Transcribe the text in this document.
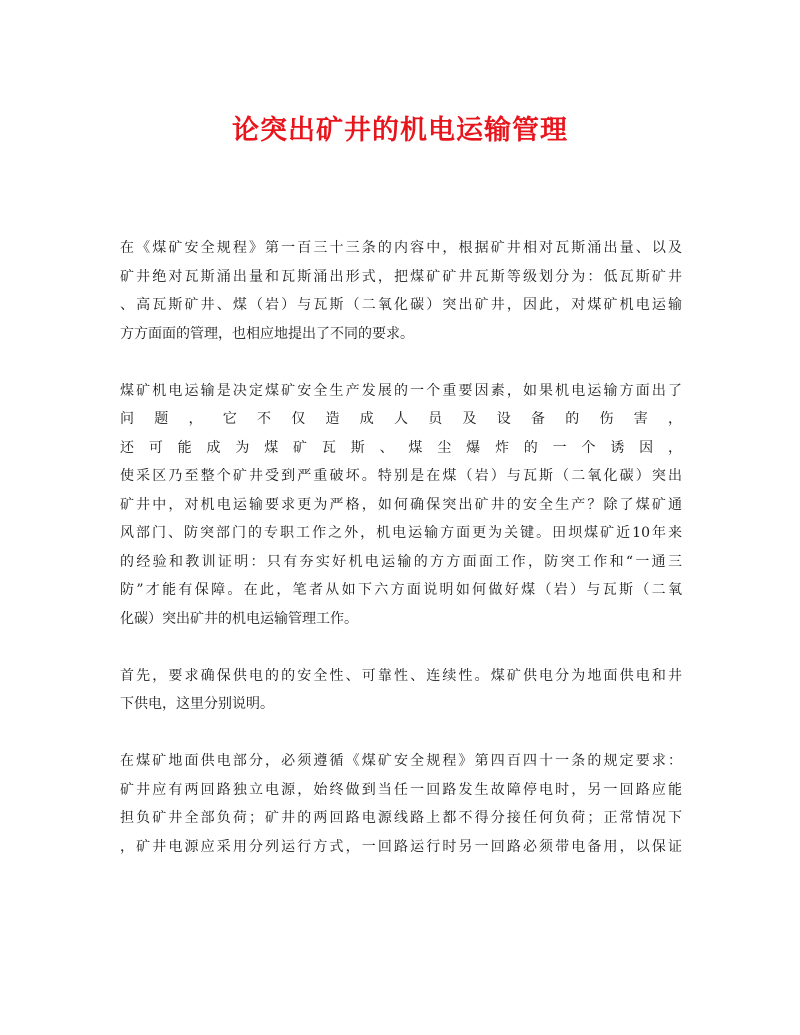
论突出矿井的机电运输管理
在《煤矿安全规程》第一百三十三条的内容中，根据矿井相对瓦斯涌出量、以及
矿井绝对瓦斯涌出量和瓦斯涌出形式，把煤矿矿井瓦斯等级划分为：低瓦斯矿井
、高瓦斯矿井、煤（岩）与瓦斯（二氧化碳）突出矿井，因此，对煤矿机电运输
方方面面的管理，也相应地提出了不同的要求。
煤矿机电运输是决定煤矿安全生产发展的一个重要因素，如果机电运输方面出了
问题，它不仅造成人员及设备的伤害，
还可能成为煤矿瓦斯、煤尘爆炸的一个诱因，
使采区乃至整个矿井受到严重破坏。特别是在煤（岩）与瓦斯（二氧化碳）突出
矿井中，对机电运输要求更为严格，如何确保突出矿井的安全生产？除了煤矿通
风部门、防突部门的专职工作之外，机电运输方面更为关键。田坝煤矿近10年来
的经验和教训证明：只有夯实好机电运输的方方面面工作，防突工作和“一通三
防”才能有保障。在此，笔者从如下六方面说明如何做好煤（岩）与瓦斯（二氧
化碳）突出矿井的机电运输管理工作。
首先，要求确保供电的的安全性、可靠性、连续性。煤矿供电分为地面供电和井
下供电，这里分别说明。
在煤矿地面供电部分，必须遵循《煤矿安全规程》第四百四十一条的规定要求：
矿井应有两回路独立电源，始终做到当任一回路发生故障停电时，另一回路应能
担负矿井全部负荷；矿井的两回路电源线路上都不得分接任何负荷；正常情况下
，矿井电源应采用分列运行方式，一回路运行时另一回路必须带电备用，以保证
